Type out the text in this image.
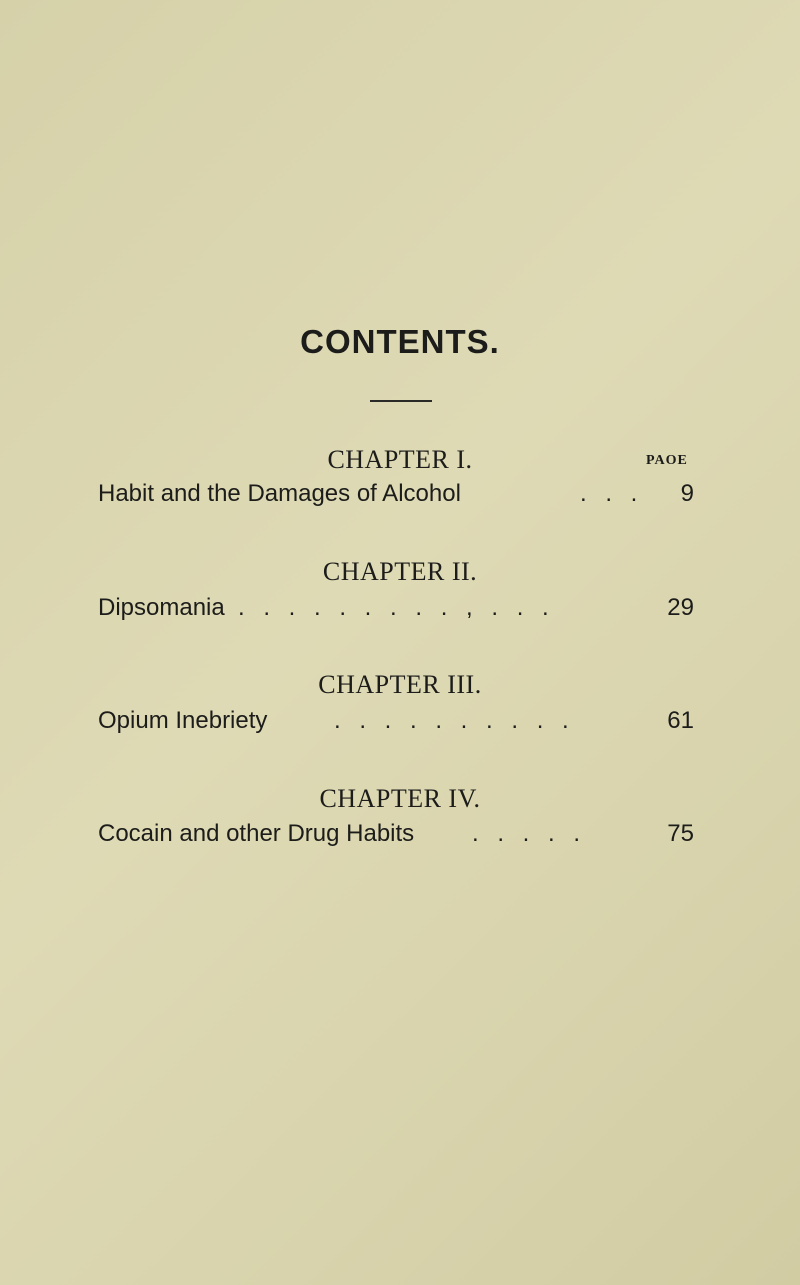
CONTENTS.
CHAPTER I.	PAOE
Habit and the Damages of Alcohol	. . . 9
CHAPTER II.
Dipsomania . . . . . . . . . , . . .	29
CHAPTER III.
Opium Inebriety	. . . . . . . . . .	61
CHAPTER IV.
Cocain and other Drug Habits . . . . .	75
